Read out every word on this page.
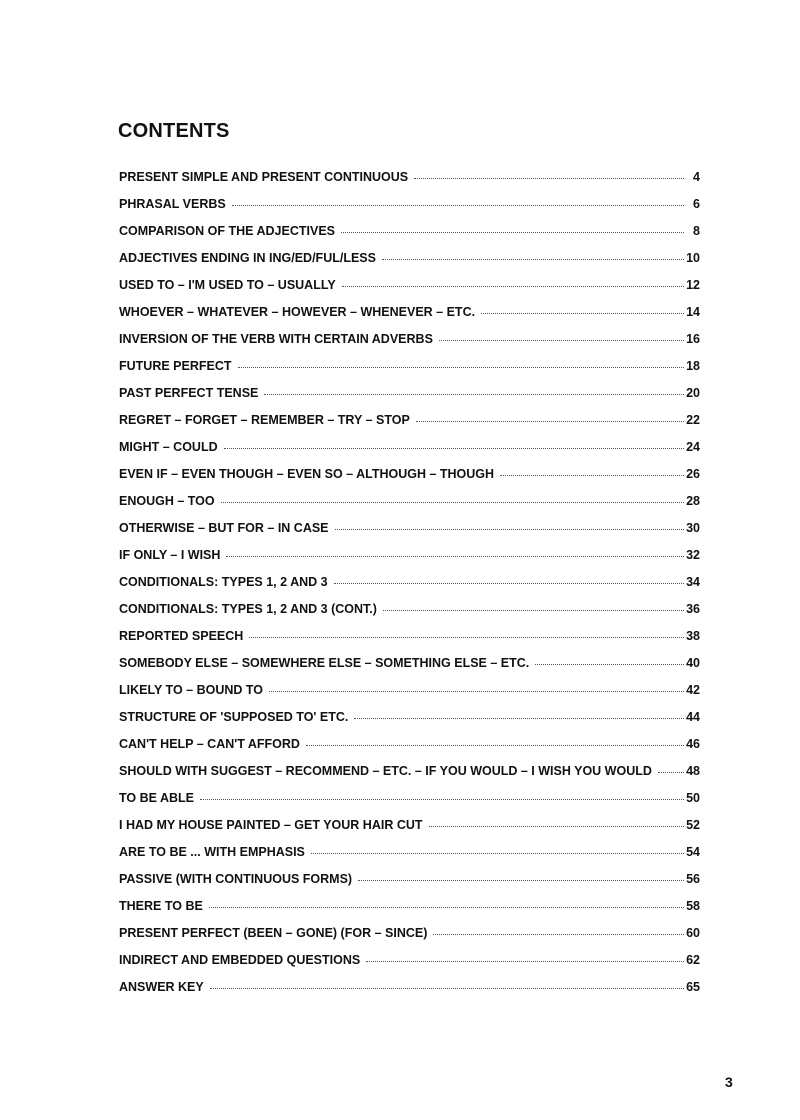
CONTENTS
PRESENT SIMPLE AND PRESENT CONTINUOUS	4
PHRASAL VERBS	6
COMPARISON OF THE ADJECTIVES	8
ADJECTIVES ENDING IN ING/ED/FUL/LESS	10
USED TO – I'M USED TO – USUALLY	12
WHOEVER – WHATEVER – HOWEVER – WHENEVER – ETC.	14
INVERSION OF THE VERB WITH CERTAIN ADVERBS	16
FUTURE PERFECT	18
PAST PERFECT TENSE	20
REGRET – FORGET – REMEMBER – TRY – STOP	22
MIGHT – COULD	24
EVEN IF – EVEN THOUGH – EVEN SO – ALTHOUGH – THOUGH	26
ENOUGH – TOO	28
OTHERWISE – BUT FOR – IN CASE	30
IF ONLY – I WISH	32
CONDITIONALS: TYPES 1, 2 AND 3	34
CONDITIONALS: TYPES 1, 2 AND 3 (CONT.)	36
REPORTED SPEECH	38
SOMEBODY ELSE – SOMEWHERE ELSE – SOMETHING ELSE – ETC.	40
LIKELY TO – BOUND TO	42
STRUCTURE OF 'SUPPOSED TO' ETC.	44
CAN'T HELP – CAN'T AFFORD	46
SHOULD WITH SUGGEST – RECOMMEND – ETC. – IF YOU WOULD – I WISH YOU WOULD	48
TO BE ABLE	50
I HAD MY HOUSE PAINTED – GET YOUR HAIR CUT	52
ARE TO BE ... WITH EMPHASIS	54
PASSIVE (WITH CONTINUOUS FORMS)	56
THERE TO BE	58
PRESENT PERFECT (BEEN – GONE) (FOR – SINCE)	60
INDIRECT AND EMBEDDED QUESTIONS	62
ANSWER KEY	65
3
